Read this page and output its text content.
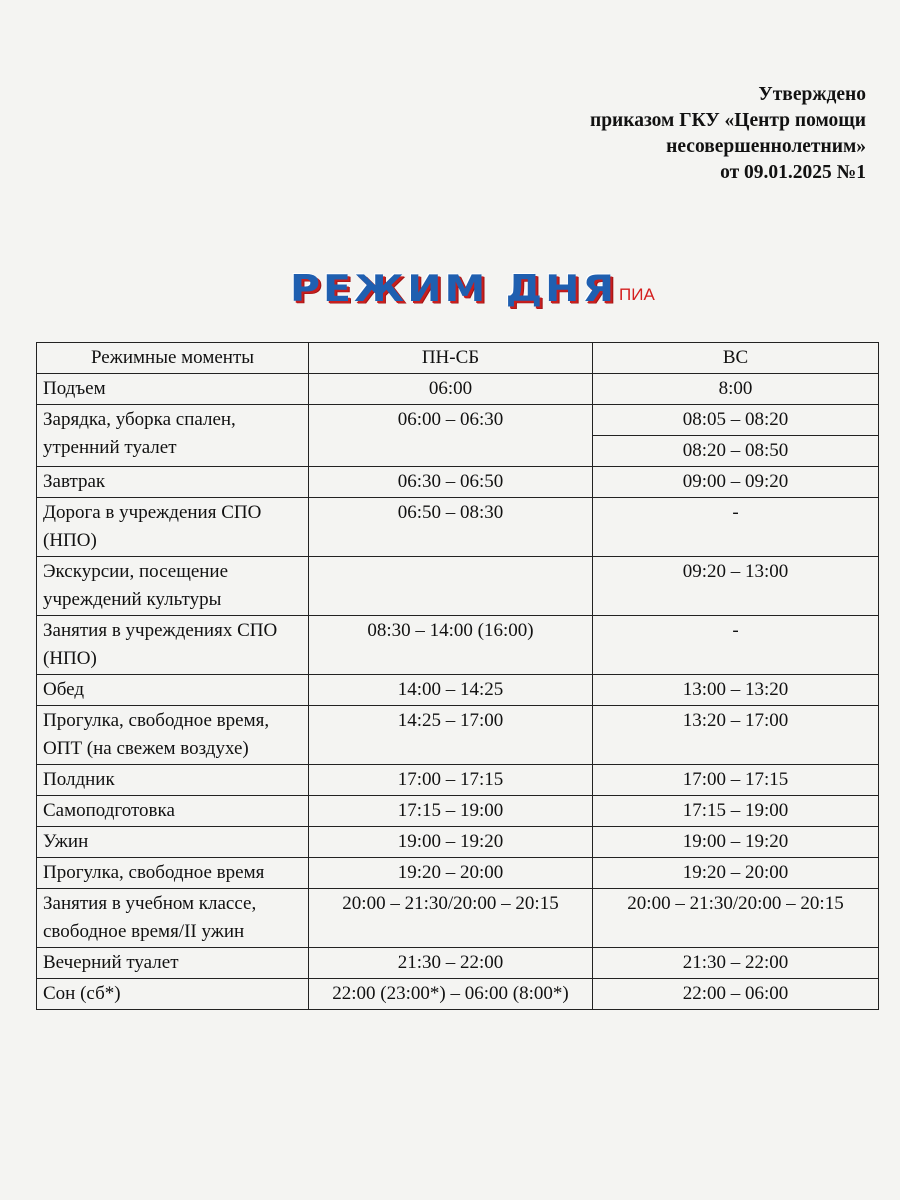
Утверждено
приказом ГКУ «Центр помощи
несовершеннолетним»
от 09.01.2025 №1
РЕЖИМ ДНЯ ПИА
Режимные моменты	ПН-СБ	ВС
Подъем	06:00	8:00
Зарядка, уборка спален, утренний туалет	06:00 – 06:30	08:05 – 08:20
		08:20 – 08:50
Завтрак	06:30 – 06:50	09:00 – 09:20
Дорога в учреждения СПО (НПО)	06:50 – 08:30	-
Экскурсии, посещение учреждений культуры		09:20 – 13:00
Занятия в учреждениях СПО (НПО)	08:30 – 14:00 (16:00)	-
Обед	14:00 – 14:25	13:00 – 13:20
Прогулка, свободное время, ОПТ (на свежем воздухе)	14:25 – 17:00	13:20 – 17:00
Полдник	17:00 – 17:15	17:00 – 17:15
Самоподготовка	17:15 – 19:00	17:15 – 19:00
Ужин	19:00 – 19:20	19:00 – 19:20
Прогулка, свободное время	19:20 – 20:00	19:20 – 20:00
Занятия в учебном классе, свободное время/II ужин	20:00 – 21:30/20:00 – 20:15	20:00 – 21:30/20:00 – 20:15
Вечерний туалет	21:30 – 22:00	21:30 – 22:00
Сон (сб*)	22:00 (23:00*) – 06:00 (8:00*)	22:00 – 06:00
